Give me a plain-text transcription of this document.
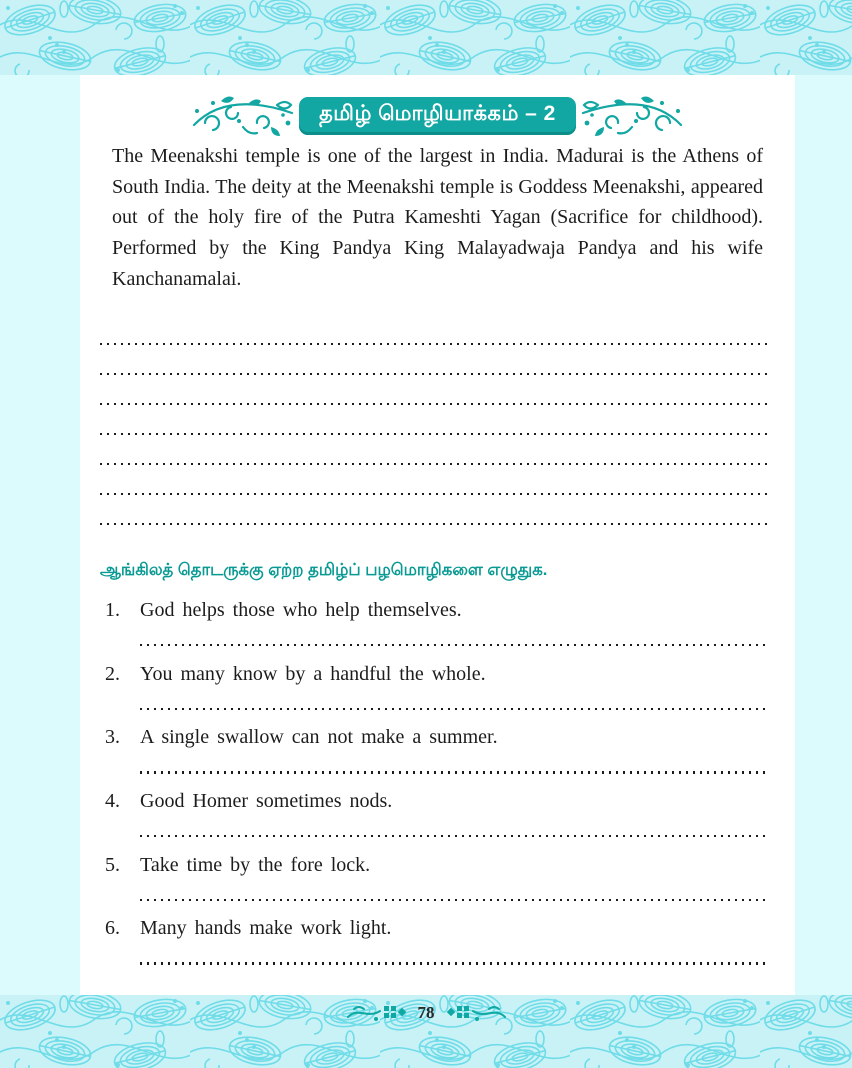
தமிழ் மொழியாக்கம் – 2
The Meenakshi temple is one of the largest in India. Madurai is the Athens of South India. The deity at the Meenakshi temple is Goddess Meenakshi, appeared out of the holy fire of the Putra Kameshti Yagan (Sacrifice for childhood). Performed by the King Pandya King Malayadwaja Pandya and his wife Kanchanamalai.
ஆங்கிலத் தொடருக்கு ஏற்ற தமிழ்ப் பழமொழிகளை எழுதுக.
1.	God helps those who help themselves.
2.	You many know by a handful the whole.
3.	A single swallow can not make a summer.
4.	Good Homer sometimes nods.
5.	Take time by the fore lock.
6.	Many hands make work light.
78
